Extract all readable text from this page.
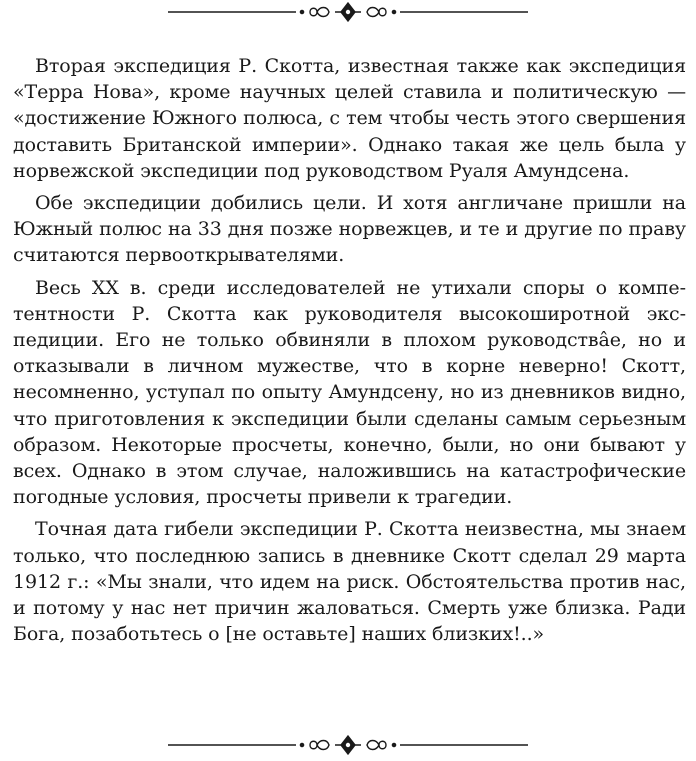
Вторая экспедиция Р. Скотта, известная также как экспедиция «Терра Нова», кроме научных целей ставила и политическую — «достижение Южного полюса, с тем чтобы честь этого свершения доставить Британской империи». Однако такая же цель была у норвежской экспедиции под руководством Руаля Амундсена.

Обе экспедиции добились цели. И хотя англичане пришли на Южный полюс на 33 дня позже норвежцев, и те и другие по праву считаются первооткрывателями.

Весь XX в. среди исследователей не утихали споры о компетентности Р. Скотта как руководителя высокоширотной экспедиции. Его не только обвиняли в плохом руководствâе, но и отказывали в личном мужестве, что в корне неверно! Скотт, несомненно, уступал по опыту Амундсену, но из дневников видно, что приготовления к экспедиции были сделаны самым серьезным образом. Некоторые просчеты, конечно, были, но они бывают у всех. Однако в этом случае, наложившись на катастрофические погодные условия, просчеты привели к трагедии.

Точная дата гибели экспедиции Р. Скотта неизвестна, мы знаем только, что последнюю запись в дневнике Скотт сделал 29 марта 1912 г.: «Мы знали, что идем на риск. Обстоятельства против нас, и потому у нас нет причин жаловаться. Смерть уже близка. Ради Бога, позаботьтесь о [не оставьте] наших близких!..»
